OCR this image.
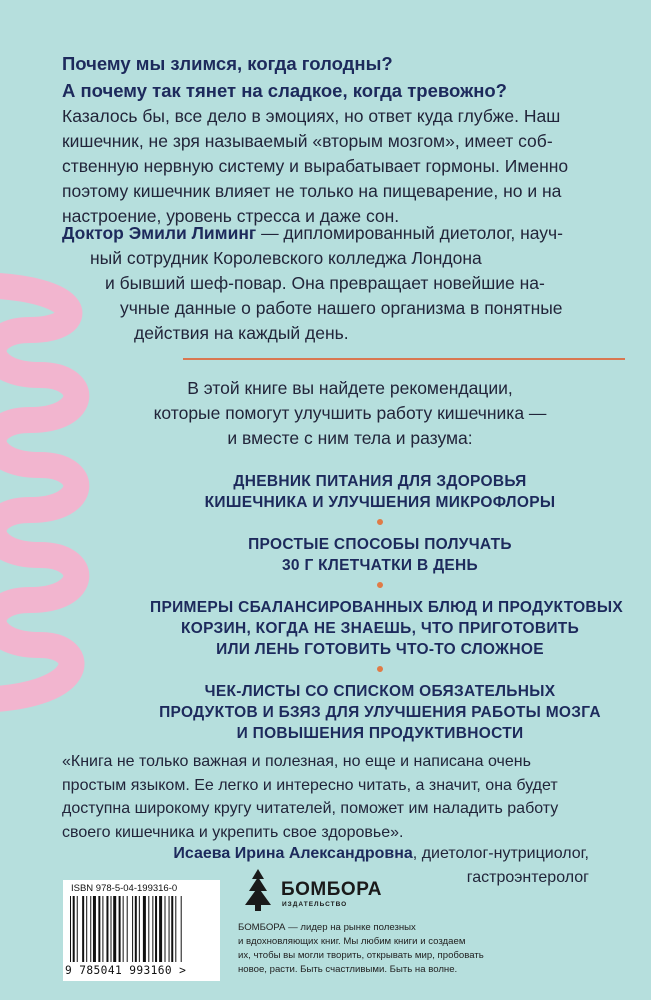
Почему мы злимся, когда голодны?
А почему так тянет на сладкое, когда тревожно?
Казалось бы, все дело в эмоциях, но ответ куда глубже. Наш
кишечник, не зря называемый «вторым мозгом», имеет соб-
ственную нервную систему и вырабатывает гормоны. Именно
поэтому кишечник влияет не только на пищеварение, но и на
настроение, уровень стресса и даже сон.
Доктор Эмили Лиминг — дипломированный диетолог, науч-
ный сотрудник Королевского колледжа Лондона
и бывший шеф-повар. Она превращает новейшие на-
учные данные о работе нашего организма в понятные
действия на каждый день.
В этой книге вы найдете рекомендации,
которые помогут улучшить работу кишечника —
и вместе с ним тела и разума:
ДНЕВНИК ПИТАНИЯ ДЛЯ ЗДОРОВЬЯ
КИШЕЧНИКА И УЛУЧШЕНИЯ МИКРОФЛОРЫ
ПРОСТЫЕ СПОСОБЫ ПОЛУЧАТЬ
30 Г КЛЕТЧАТКИ В ДЕНЬ
ПРИМЕРЫ СБАЛАНСИРОВАННЫХ БЛЮД И ПРОДУКТОВЫХ
КОРЗИН, КОГДА НЕ ЗНАЕШЬ, ЧТО ПРИГОТОВИТЬ
ИЛИ ЛЕНЬ ГОТОВИТЬ ЧТО-ТО СЛОЖНОЕ
ЧЕК-ЛИСТЫ СО СПИСКОМ ОБЯЗАТЕЛЬНЫХ
ПРОДУКТОВ И БЗЯЗ ДЛЯ УЛУЧШЕНИЯ РАБОТЫ МОЗГА
И ПОВЫШЕНИЯ ПРОДУКТИВНОСТИ
«Книга не только важная и полезная, но еще и написана очень
простым языком. Ее легко и интересно читать, а значит, она будет
доступна широкому кругу читателей, поможет им наладить работу
своего кишечника и укрепить свое здоровье».
Исаева Ирина Александровна, диетолог-нутрициолог,
гастроэнтеролог
ISBN 978-5-04-199316-0
9 785041 993160 >
БОМБОРА
ИЗДАТЕЛЬСТВО
БОМБОРА — лидер на рынке полезных
и вдохновляющих книг. Мы любим книги и создаем
их, чтобы вы могли творить, открывать мир, пробовать
новое, расти. Быть счастливыми. Быть на волне.
